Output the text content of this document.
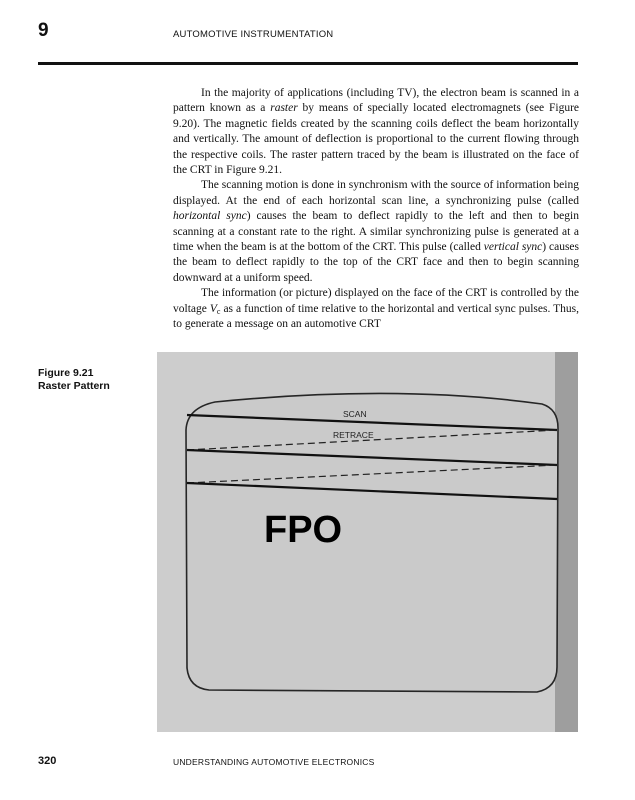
9	AUTOMOTIVE INSTRUMENTATION

In the majority of applications (including TV), the electron beam is scanned in a pattern known as a raster by means of specially located electromagnets (see Figure 9.20). The magnetic fields created by the scanning coils deflect the beam horizontally and vertically. The amount of deflection is proportional to the current flowing through the respective coils. The raster pattern traced by the beam is illustrated on the face of the CRT in Figure 9.21.

The scanning motion is done in synchronism with the source of information being displayed. At the end of each horizontal scan line, a synchronizing pulse (called horizontal sync) causes the beam to deflect rapidly to the left and then to begin scanning at a constant rate to the right. A similar synchronizing pulse is generated at a time when the beam is at the bottom of the CRT. This pulse (called vertical sync) causes the beam to deflect rapidly to the top of the CRT face and then to begin scanning downward at a uniform speed.

The information (or picture) displayed on the face of the CRT is controlled by the voltage $V_c$ as a function of time relative to the horizontal and vertical sync pulses. Thus, to generate a message on an automotive CRT

Figure 9.21
Raster Pattern
SCAN
RETRACE
FPO
320	UNDERSTANDING AUTOMOTIVE ELECTRONICS
